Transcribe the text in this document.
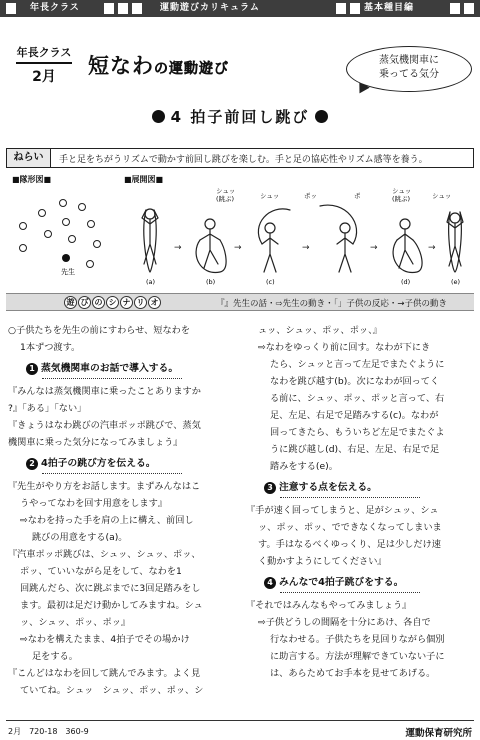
年長クラス	運動遊びカリキュラム	基本種目編
年長クラス
2月	短なわの運動遊び
蒸気機関車に
乗ってる気分
4 拍子前回し跳び
ねらい	手と足をちがうリズムで動かす前回し跳びを楽しむ。手と足の協応性やリズム感等を養う。
■隊形図■	■展開図■
先生
シュッ
(跳ぶ)	シュッ	ポッ	ポ
シュッ
(跳ぶ)	シュッ
→	→	→	→	→
(a)	(b)	(c)	(d)	(e)
遊 び の シ ナ リ オ	『』先生の話・⇨先生の動き・「」子供の反応・→子供の動き

○子供たちを先生の前にすわらせ、短なわを

1本ずつ渡す。

1 蒸気機関車のお話で導入する。

『みんなは蒸気機関車に乗ったことありますか

?』「ある」「ない」

『きょうはなわ跳びの汽車ポッポ跳びで、蒸気

機関車に乗った気分になってみましょう』

2 4拍子の跳び方を伝える。

『先生がやり方をお話します。まずみんなはこ

うやってなわを回す用意をします』

⇨なわを持った手を肩の上に構え、前回し

跳びの用意をする(a)。

『汽車ポッポ跳びは、シュッ、シュッ、ポッ、

ポッ、ていいながら足をして、なわを1

回跳んだら、次に跳ぶまでに3回足踏みをし

ます。最初は足だけ動かしてみますね。シュ

ッ、シュッ、ポッ、ポッ』

⇨なわを構えたまま、4拍子でその場かけ

足をする。

『こんどはなわを回して跳んでみます。よく見

ていてね。シュッ　シュッ、ポッ、ポッ、シ

ュッ、シュッ、ポッ、ポッ、』

⇨なわをゆっくり前に回す。なわが下にき

たら、シュッと言って左足でまたぐように

なわを跳び越す(b)。次になわが回ってく

る前に、シュッ、ポッ、ポッと言って、右

足、左足、右足で足踏みする(c)。なわが

回ってきたら、もういちど左足でまたぐよ

うに跳び越し(d)、右足、左足、右足で足

踏みをする(e)。

3 注意する点を伝える。

『手が速く回ってしまうと、足がシュッ、シュ

ッ、ポッ、ポッ、でできなくなってしまいま

す。手はなるべくゆっくり、足は少しだけ速

く動かすようにしてください』

4 みんなで4拍子跳びをする。

『それではみんなもやってみましょう』

⇨子供どうしの間隔を十分にあけ、各自で

行なわせる。子供たちを見回りながら個別

に助言する。方法が理解できていない子に

は、あらためてお手本を見せてあげる。

2月　720-18　360-9	運動保育研究所
